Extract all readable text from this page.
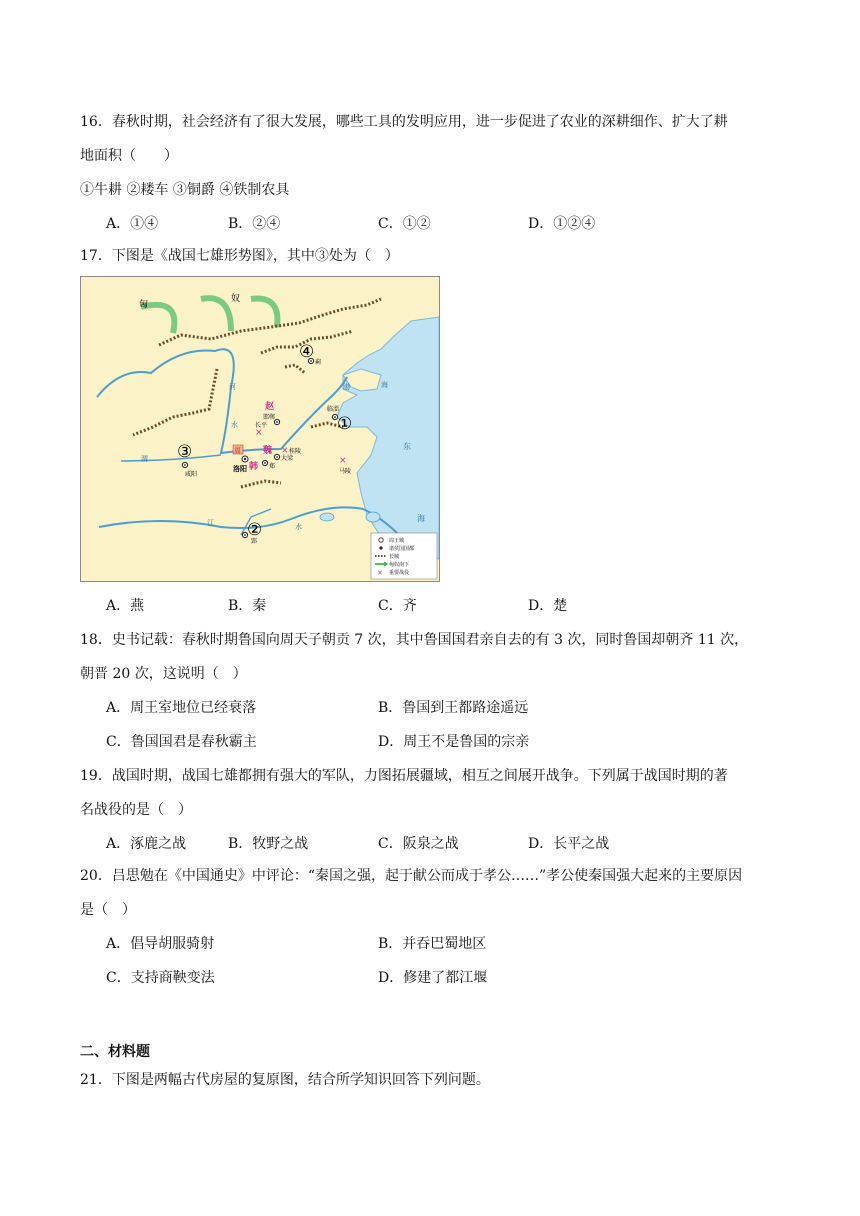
16．春秋时期，社会经济有了很大发展，哪些工具的发明应用，进一步促进了农业的深耕细作、扩大了耕
地面积（　　）
①牛耕 ②耧车 ③铜爵 ④铁制农具
A．①④	B．②④	C．①②	D．①②④
17．下图是《战国七雄形势图》，其中③处为（　）
蓟
邯郸
临淄
大梁
郑
洛阳
咸阳
郢
周
赵
魏
韩
长平
×
桂陵
×
×
马陵
匈
奴
渤	海
东
海
河
水
渭
江	水
④
①
③
②
周王城
诸侯国国都
长城
匈奴南下
× 重要战役
A．燕	B．秦	C．齐	D．楚
18．史书记载：春秋时期鲁国向周天子朝贡 7 次，其中鲁国国君亲自去的有 3 次，同时鲁国却朝齐 11 次，
朝晋 20 次，这说明（　）
A．周王室地位已经衰落	B．鲁国到王都路途遥远
C．鲁国国君是春秋霸主	D．周王不是鲁国的宗亲
19．战国时期，战国七雄都拥有强大的军队，力图拓展疆域，相互之间展开战争。下列属于战国时期的著
名战役的是（　）
A．涿鹿之战	B．牧野之战	C．阪泉之战	D．长平之战
20．吕思勉在《中国通史》中评论：“秦国之强，起于献公而成于孝公……”孝公使秦国强大起来的主要原因
是（　）
A．倡导胡服骑射	B．并吞巴蜀地区
C．支持商鞅变法	D．修建了都江堰
二、材料题
21．下图是两幅古代房屋的复原图，结合所学知识回答下列问题。
